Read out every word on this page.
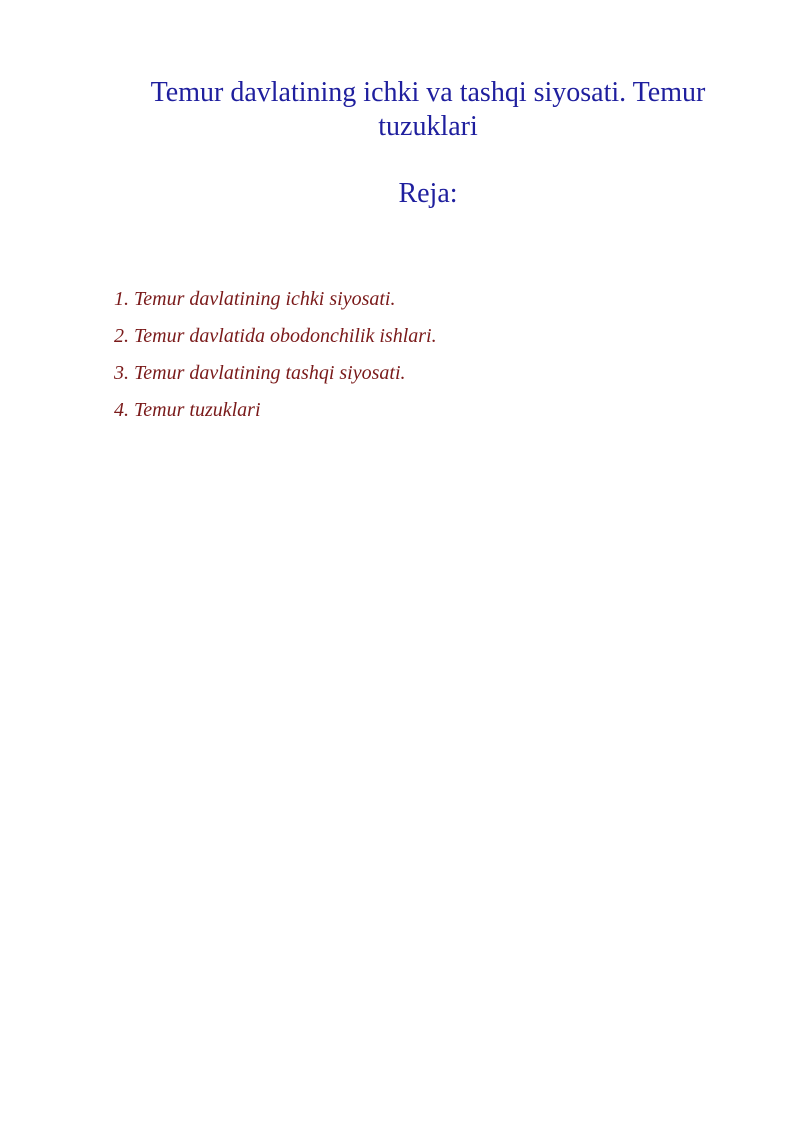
Temur davlatining ichki va tashqi siyosati. Temur tuzuklari
Reja:
1. Temur davlatining ichki siyosati.
2. Temur davlatida obodonchilik ishlari.
3. Temur davlatining tashqi siyosati.
4. Temur tuzuklari
